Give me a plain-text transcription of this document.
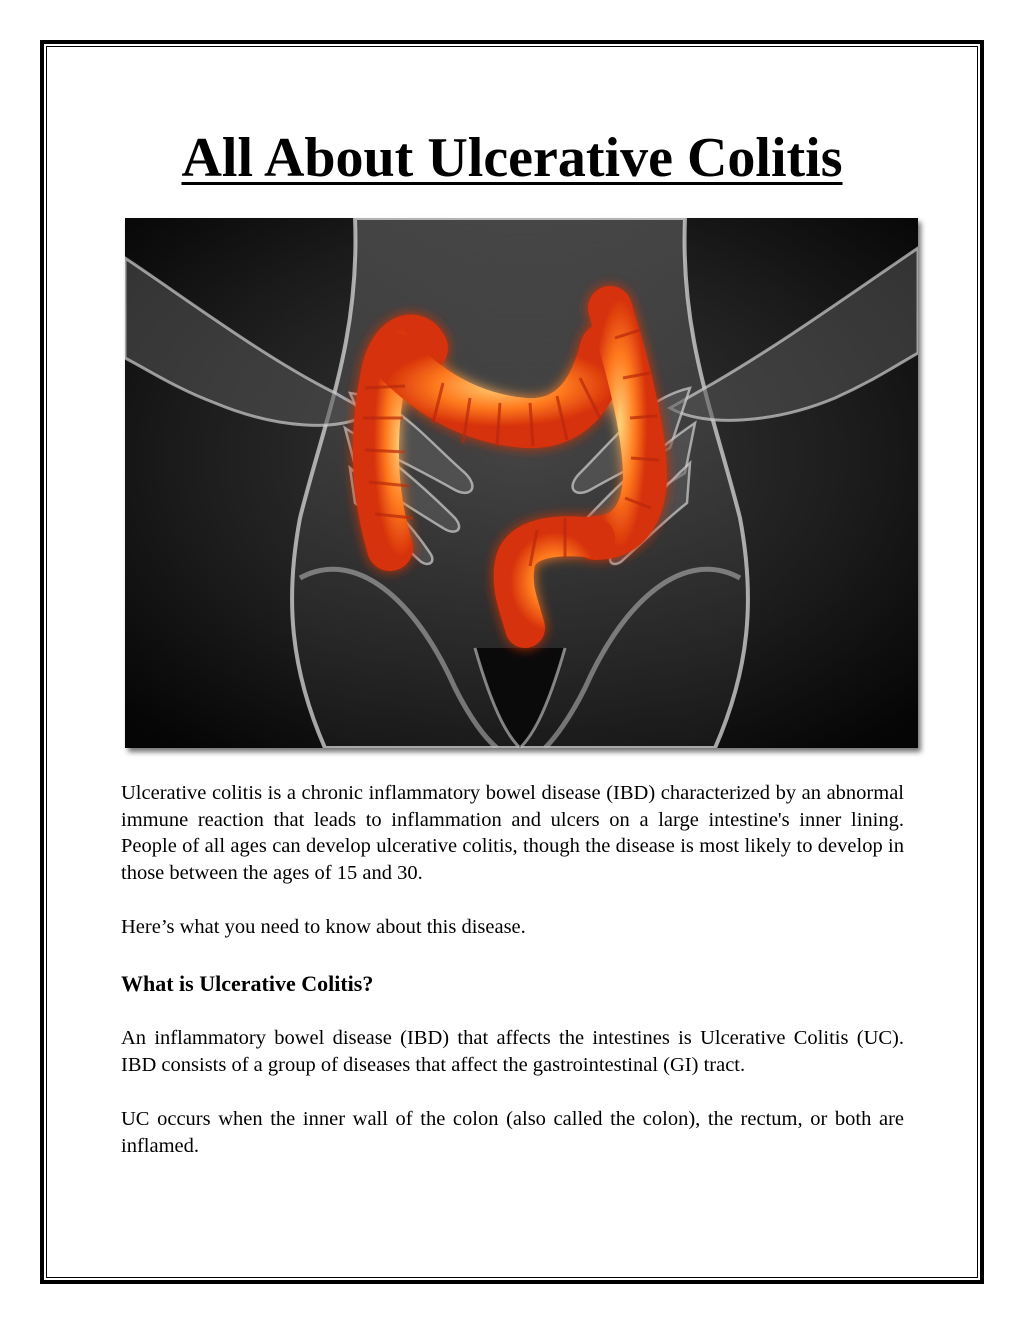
All About Ulcerative Colitis

Ulcerative colitis is a chronic inflammatory bowel disease (IBD) characterized by an abnormal immune reaction that leads to inflammation and ulcers on a large intestine's inner lining. People of all ages can develop ulcerative colitis, though the disease is most likely to develop in those between the ages of 15 and 30.

Here’s what you need to know about this disease.

What is Ulcerative Colitis?

An inflammatory bowel disease (IBD) that affects the intestines is Ulcerative Colitis (UC). IBD consists of a group of diseases that affect the gastrointestinal (GI) tract.

UC occurs when the inner wall of the colon (also called the colon), the rectum, or both are inflamed.
